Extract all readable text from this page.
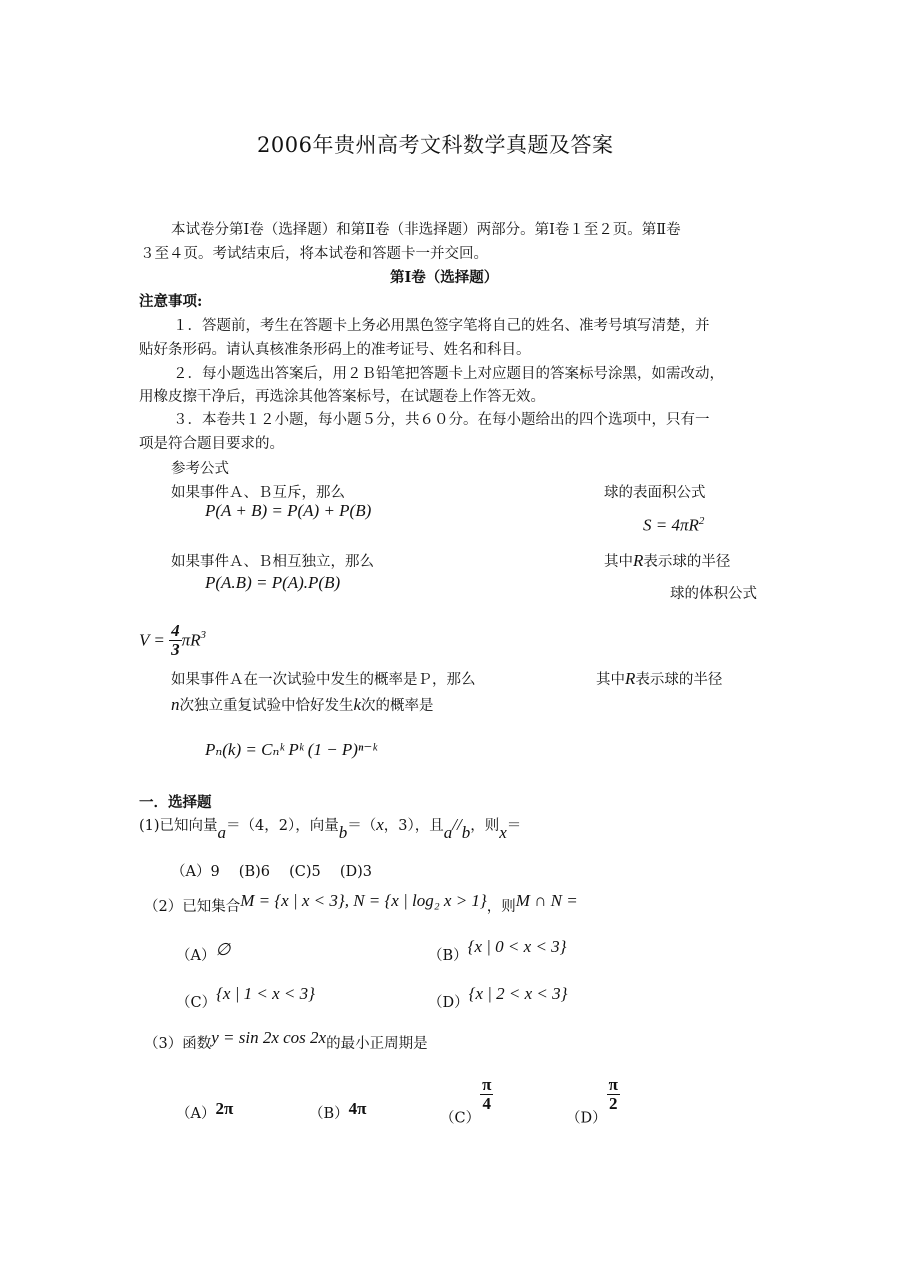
2006年贵州高考文科数学真题及答案
本试卷分第Ⅰ卷（选择题）和第Ⅱ卷（非选择题）两部分。第Ⅰ卷１至２页。第Ⅱ卷
３至４页。考试结束后，将本试卷和答题卡一并交回。
第Ⅰ卷（选择题）
注意事项:
１．答题前，考生在答题卡上务必用黑色签字笔将自己的姓名、准考号填写清楚，并
贴好条形码。请认真核准条形码上的准考证号、姓名和科目。
２．每小题选出答案后，用２Ｂ铅笔把答题卡上对应题目的答案标号涂黑，如需改动，
用橡皮擦干净后，再选涂其他答案标号，在试题卷上作答无效。
３．本卷共１２小题，每小题５分，共６０分。在每小题给出的四个选项中，只有一
项是符合题目要求的。
参考公式
如果事件Ａ、Ｂ互斥，那么	球的表面积公式
P(A + B) = P(A) + P(B)
$S = 4\pi R^2$
如果事件Ａ、Ｂ相互独立，那么	其中R表示球的半径
P(A.B) = P(A).P(B)
球的体积公式
$V = \frac{4}{3} \pi R^3$
如果事件Ａ在一次试验中发生的概率是Ｐ，那么	其中R表示球的半径
n次独立重复试验中恰好发生k次的概率是
Pₙ(k) = Cₙᵏ Pᵏ (1 − P)ⁿ⁻ᵏ
一．选择题
(1)已知向量a＝（4，2），向量b＝（x，3），且a//b，则x＝
（A）9　 (B)6　 (C)5　 (D)3
（2）已知集合M = {x | x < 3}, N = {x | log₂ x > 1}，则M ∩ N =
（A）∅	（B）{x | 0 < x < 3}
（C）{x | 1 < x < 3}	（D）{x | 2 < x < 3}
（3）函数y = sin 2x cos 2x的最小正周期是
（A）2π	（B）4π
（C）
$\frac{\pi}{4}$
（D）
$\frac{\pi}{2}$
